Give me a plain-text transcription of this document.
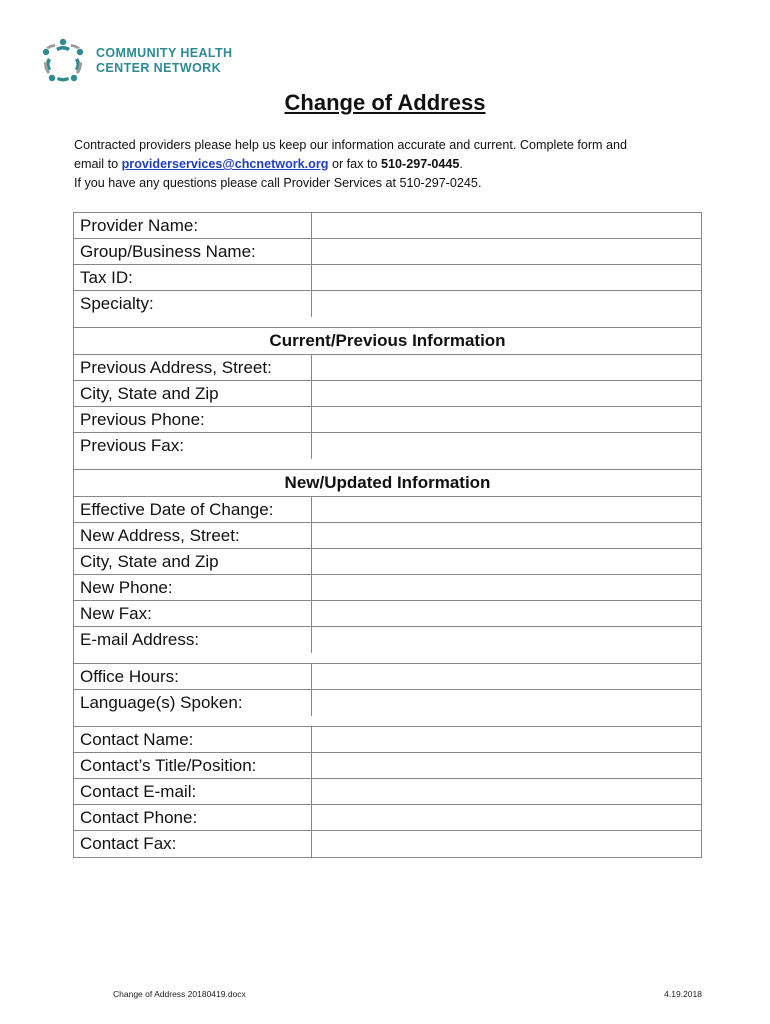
COMMUNITY HEALTH
CENTER NETWORK
Change of Address
Contracted providers please help us keep our information accurate and current. Complete form and
email to providerservices@chcnetwork.org or fax to 510-297-0445.
If you have any questions please call Provider Services at 510-297-0245.
Provider Name:
Group/Business Name:
Tax ID:
Specialty:
Current/Previous Information
Previous Address, Street:
City, State and Zip
Previous Phone:
Previous Fax:
New/Updated Information
Effective Date of Change:
New Address, Street:
City, State and Zip
New Phone:
New Fax:
E-mail Address:
Office Hours:
Language(s) Spoken:
Contact Name:
Contact’s Title/Position:
Contact E-mail:
Contact Phone:
Contact Fax:
Change of Address 20180419.docx	4.19.2018
